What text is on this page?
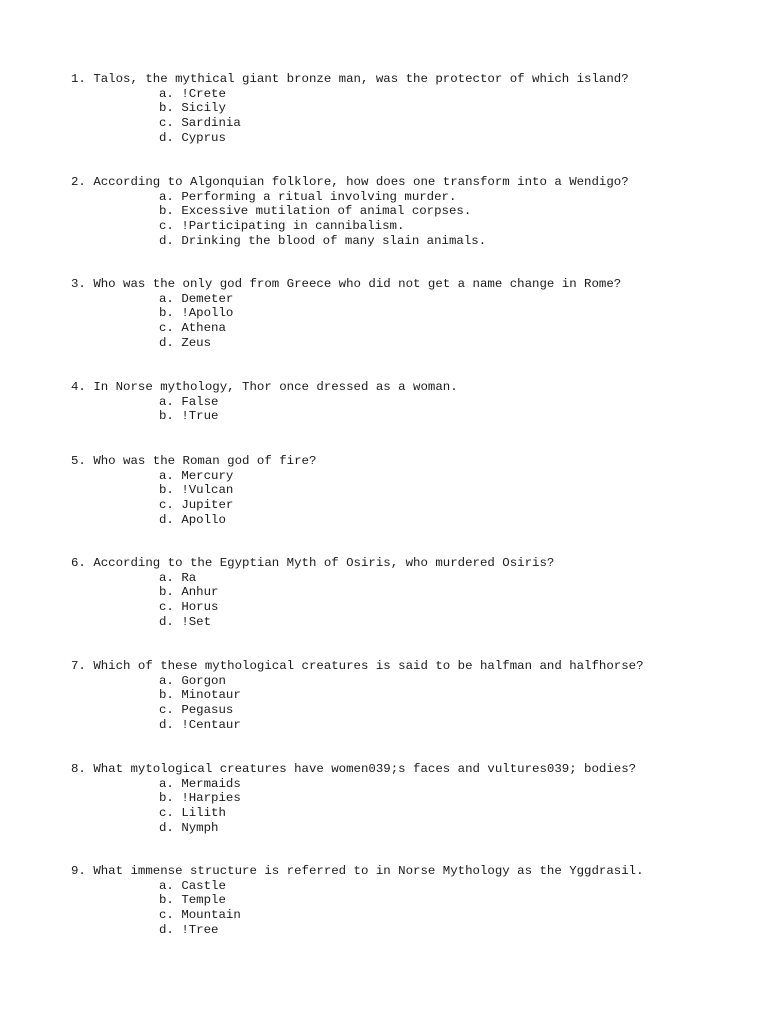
1. Talos, the mythical giant bronze man, was the protector of which island?
a. !Crete
b. Sicily
c. Sardinia
d. Cyprus
2. According to Algonquian folklore, how does one transform into a Wendigo?
a. Performing a ritual involving murder.
b. Excessive mutilation of animal corpses.
c. !Participating in cannibalism.
d. Drinking the blood of many slain animals.
3. Who was the only god from Greece who did not get a name change in Rome?
a. Demeter
b. !Apollo
c. Athena
d. Zeus
4. In Norse mythology, Thor once dressed as a woman.
a. False
b. !True
5. Who was the Roman god of fire?
a. Mercury
b. !Vulcan
c. Jupiter
d. Apollo
6. According to the Egyptian Myth of Osiris, who murdered Osiris?
a. Ra
b. Anhur
c. Horus
d. !Set
7. Which of these mythological creatures is said to be halfman and halfhorse?
a. Gorgon
b. Minotaur
c. Pegasus
d. !Centaur
8. What mytological creatures have women039;s faces and vultures039; bodies?
a. Mermaids
b. !Harpies
c. Lilith
d. Nymph
9. What immense structure is referred to in Norse Mythology as the Yggdrasil.
a. Castle
b. Temple
c. Mountain
d. !Tree
